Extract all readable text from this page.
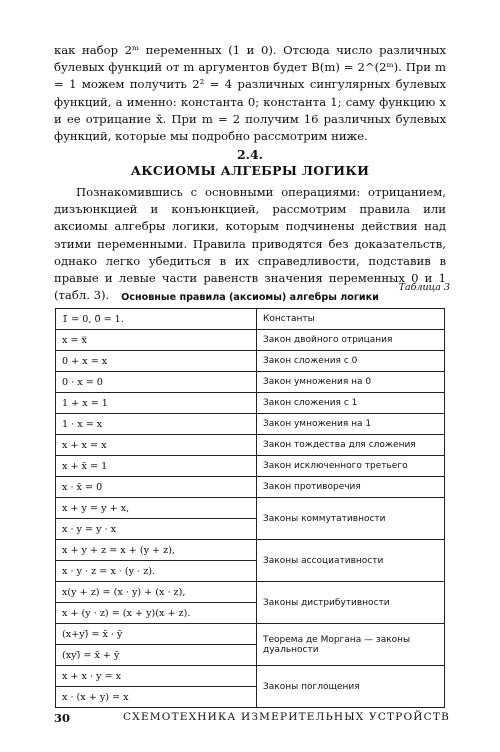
как набор 2ᵐ переменных (1 и 0). Отсюда число различных булевых функций от m аргументов будет B(m) = 2^(2ᵐ). При m = 1 можем получить 2² = 4 различных сингулярных булевых функций, а именно: константа 0; константа 1; саму функцию x и ее отрицание x̄. При m = 2 получим 16 различных булевых функций, которые мы подробно рассмотрим ниже.

2.4.
АКСИОМЫ АЛГЕБРЫ ЛОГИКИ

Познакомившись с основными операциями: отрицанием, дизъюнкцией и конъюнкцией, рассмотрим правила или аксиомы алгебры логики, которым подчинены действия над этими переменными. Правила приводятся без доказательств, однако легко убедиться в их справедливости, подставив в правые и левые части равенств значения переменных 0 и 1 (табл. 3).

Таблица 3
Основные правила (аксиомы) алгебры логики
1̄ = 0, 0̄ = 1.	Константы
x = x̿	Закон двойного отрицания
0 + x = x	Закон сложения с 0
0 · x = 0	Закон умножения на 0
1 + x = 1	Закон сложения с 1
1 · x = x	Закон умножения на 1
x + x = x	Закон тождества для сложения
x + x̄ = 1	Закон исключенного третьего
x · x̄ = 0	Закон противоречия
x + y = y + x,	Законы коммутативности
x · y = y · x	
x + y + z = x + (y + z),	Законы ассоциативности
x · y · z = x · (y · z).	
x(y + z) = (x · y) + (x · z),	Законы дистрибутивности
x + (y · z) = (x + y)(x + z).	
(x+y)̅ = x̄ · ȳ	Теорема де Моргана — законы дуальности
(xy)̅ = x̄ + ȳ	
x + x · y = x	Законы поглощения
x · (x + y) = x	
30	СХЕМОТЕХНИКА ИЗМЕРИТЕЛЬНЫХ УСТРОЙСТВ
